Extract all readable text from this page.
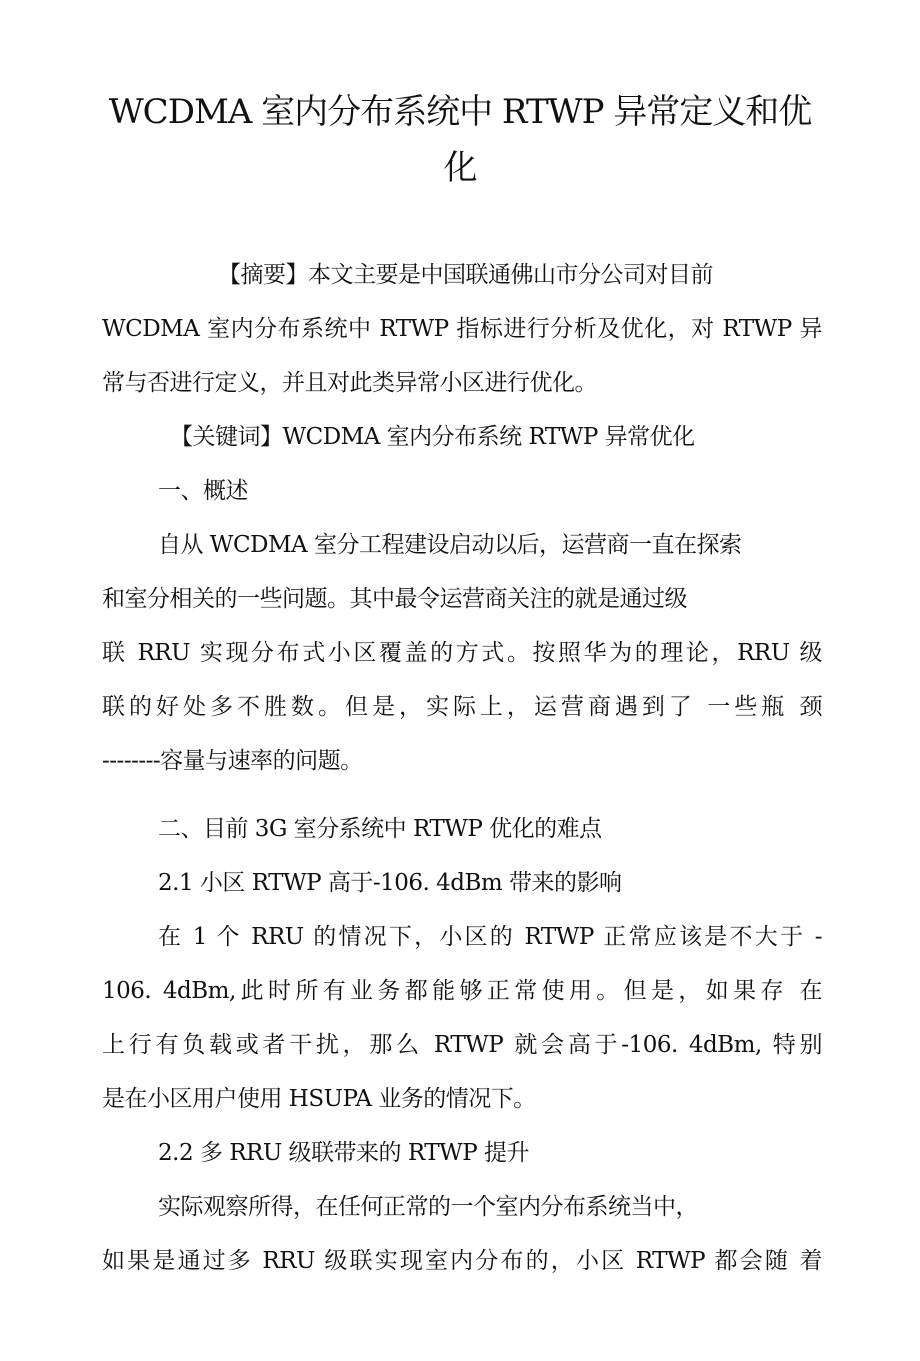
WCDMA 室内分布系统中 RTWP 异常定义和优
化
【摘要】本文主要是中国联通佛山市分公司对目前
WCDMA 室内分布系统中 RTWP 指标进行分析及优化，对 RTWP 异
常与否进行定义，并且对此类异常小区进行优化。
【关键词】WCDMA 室内分布系统 RTWP 异常优化
一、概述
自从 WCDMA 室分工程建设启动以后，运营商一直在探索
和室分相关的一些问题。其中最令运营商关注的就是通过级
联 RRU 实现分布式小区覆盖的方式。按照华为的理论，RRU 级
联的好处多不胜数。但是，实际上，运营商遇到了 一些瓶 颈
--------容量与速率的问题。
二、目前 3G 室分系统中 RTWP 优化的难点
2.1 小区 RTWP 高于-106. 4dBm 带来的影响
在 1 个 RRU 的情况下，小区的 RTWP 正常应该是不大于 -
106. 4dBm,此时所有业务都能够正常使用。但是，如果存 在
上行有负载或者干扰，那么 RTWP 就会高于-106. 4dBm, 特别
是在小区用户使用 HSUPA 业务的情况下。
2.2 多 RRU 级联带来的 RTWP 提升
实际观察所得，在任何正常的一个室内分布系统当中，
如果是通过多 RRU 级联实现室内分布的，小区 RTWP 都会随 着
